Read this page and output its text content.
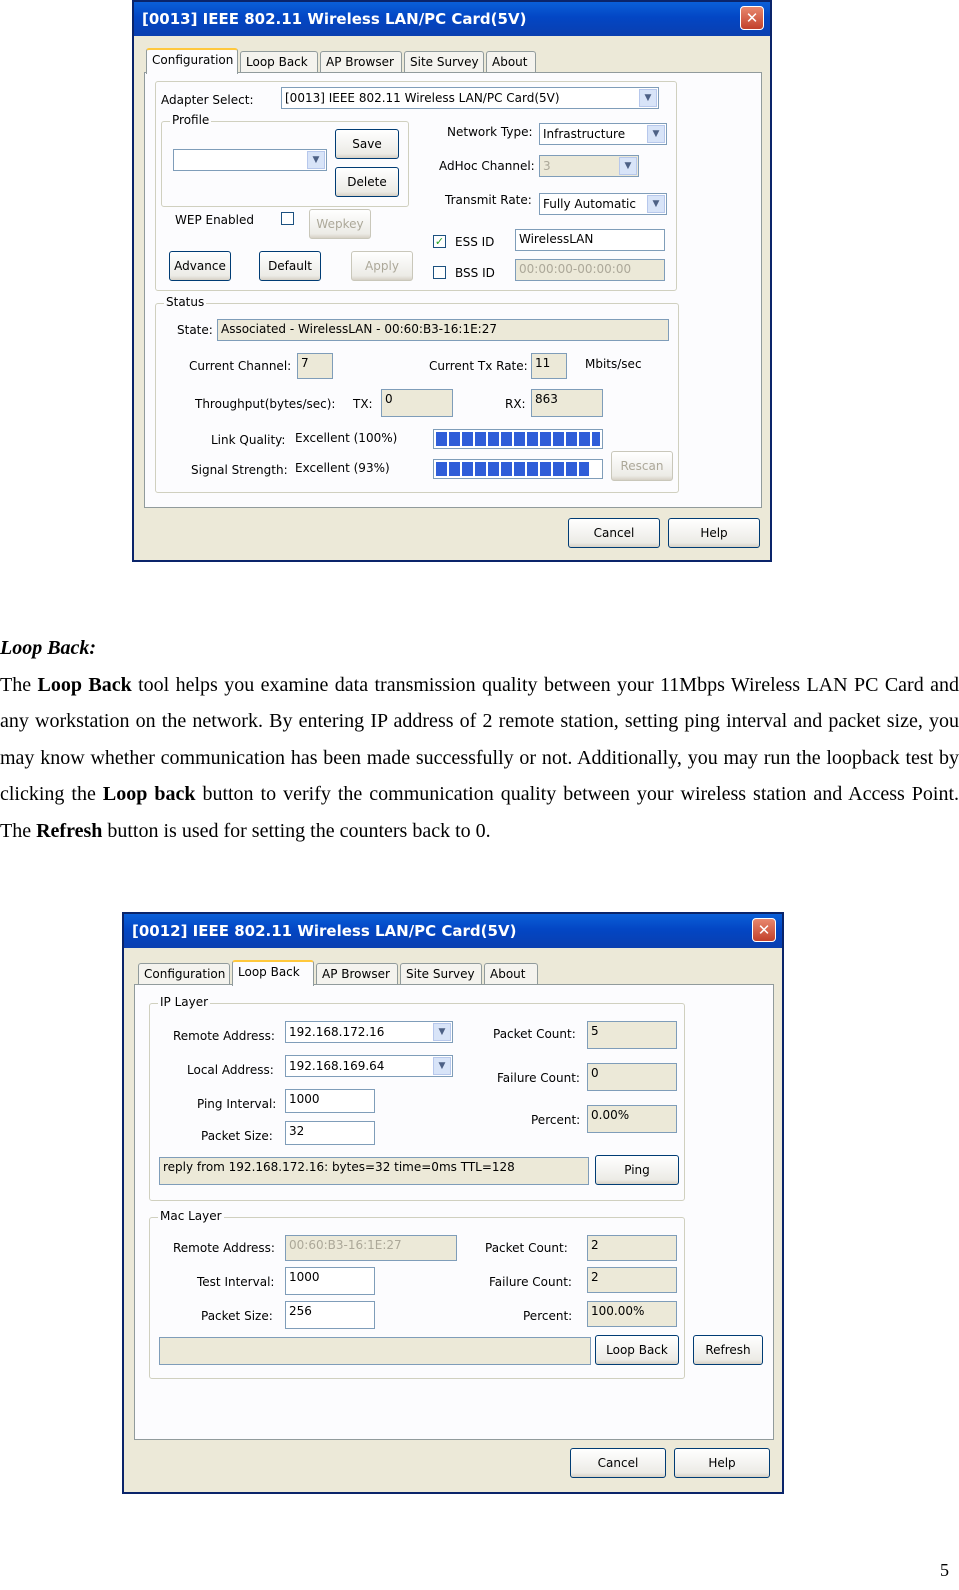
[0013] IEEE 802.11 Wireless LAN/PC Card(5V)	✕
Configuration	Loop Back	AP Browser	Site Survey	About
Adapter Select:	[0013] IEEE 802.11 Wireless LAN/PC Card(5V)	▼
Profile
▼
Save
Delete
Network Type: Infrastructure	▼
AdHoc Channel: 3	▼
Transmit Rate: Fully Automatic	▼
WEP Enabled	Wepkey
✓ ESS ID	WirelessLAN
BSS ID	00:00:00-00:00:00
Advance	Default	Apply
Status
State: Associated - WirelessLAN - 00:60:B3-16:1E:27
Current Channel: 7	Current Tx Rate: 11	Mbits/sec
Throughput(bytes/sec): TX:	0	RX: 863
Link Quality: Excellent (100%)
Signal Strength: Excellent (93%)	Rescan
Cancel	Help

Loop Back:

The Loop Back tool helps you examine data transmission quality between your 11Mbps Wireless LAN PC Card and any workstation on the network. By entering IP address of 2 remote station, setting ping interval and packet size, you may know whether communication has been made successfully or not. Additionally, you may run the loopback test by clicking the Loop back button to verify the communication quality between your wireless station and Access Point. The Refresh button is used for setting the counters back to 0.

[0012] IEEE 802.11 Wireless LAN/PC Card(5V)	✕
Configuration	Loop Back	AP Browser	Site Survey	About
IP Layer
Remote Address: 192.168.172.16	▼
Local Address: 192.168.169.64	▼
Ping Interval:	1000
Packet Size:	32
Packet Count:	5
Failure Count: 0
Percent: 0.00%
reply from 192.168.172.16: bytes=32 time=0ms TTL=128	Ping
Mac Layer
Remote Address:	00:60:B3-16:1E:27
Test Interval:	1000
Packet Size:	256
Packet Count:	2
Failure Count:	2
Percent:	100.00%
Loop Back	Refresh
Cancel	Help
5
